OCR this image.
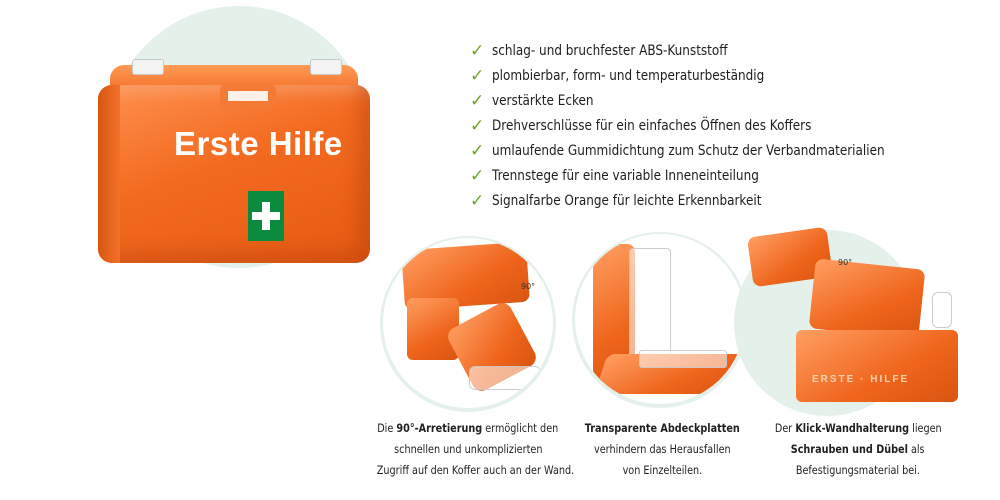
Erste Hilfe
✓ schlag- und bruchfester ABS-Kunststoff
✓ plombierbar, form- und temperaturbeständig
✓ verstärkte Ecken
✓ Drehverschlüsse für ein einfaches Öffnen des Koffers
✓ umlaufende Gummidichtung zum Schutz der Verbandmaterialien
✓ Trennstege für eine variable Inneneinteilung
✓ Signalfarbe Orange für leichte Erkennbarkeit
90°
Die 90°-Arretierung ermöglicht den
schnellen und unkomplizierten
Zugriff auf den Koffer auch an der Wand.
Transparente Abdeckplatten
verhindern das Herausfallen
von Einzelteilen.
90°
ERSTE · HILFE
Der Klick-Wandhalterung liegen
Schrauben und Dübel als
Befestigungsmaterial bei.
